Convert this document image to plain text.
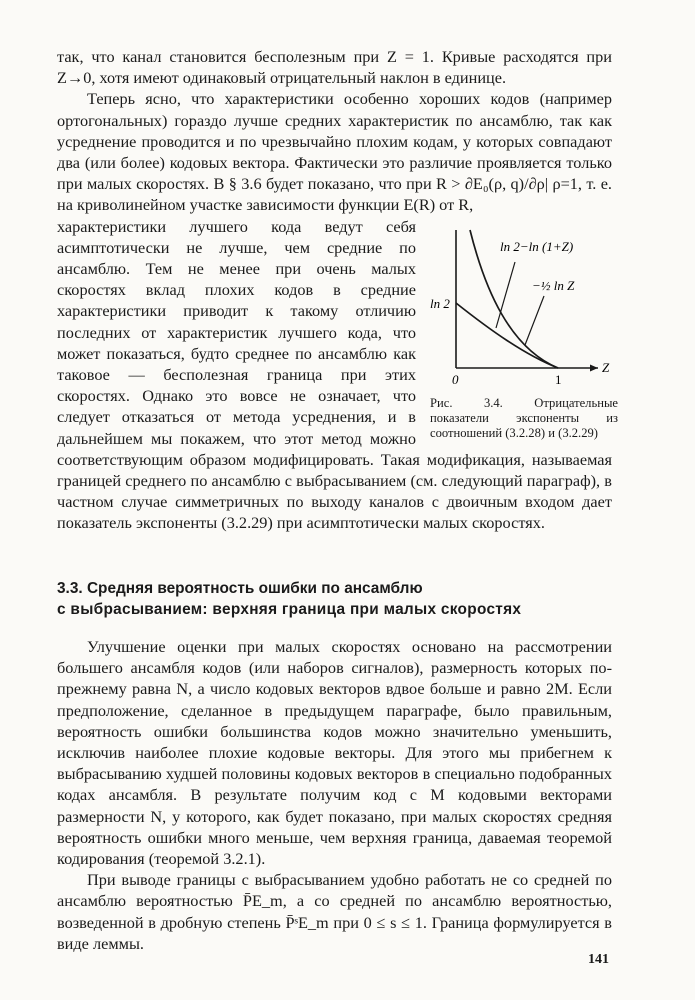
так, что канал становится бесполезным при Z = 1. Кривые расходятся при Z→0, хотя имеют одинаковый отрицательный наклон в единице.

Теперь ясно, что характеристики особенно хороших кодов (например ортогональных) гораздо лучше средних характеристик по ансамблю, так как усреднение проводится и по чрезвычайно плохим кодам, у которых совпадают два (или более) кодовых вектора. Фактически это различие проявляется только при малых скоростях. В § 3.6 будет показано, что при R > ∂E₀(ρ, q)/∂ρ| ρ=1, т. е. на криволинейном участке зависимости функции E(R) от R,

ln 2−ln (1+Z)
−½ ln Z
ln 2
0	1
Z
Рис. 3.4. Отрицательные показатели экспоненты из соотношений (3.2.28) и (3.2.29)

характеристики лучшего кода ведут себя асимптотически не лучше, чем средние по ансамблю. Тем не менее при очень малых скоростях вклад плохих кодов в средние характеристики приводит к такому отличию последних от характеристик лучшего кода, что может показаться, будто среднее по ансамблю как таковое — бесполезная граница при этих скоростях. Однако это вовсе не означает, что следует отказаться от метода усреднения, и в дальнейшем мы покажем, что этот метод можно соответствующим образом модифицировать. Такая модификация, называемая границей среднего по ансамблю с выбрасыванием (см. следующий параграф), в частном случае симметричных по выходу каналов с двоичным входом дает показатель экспоненты (3.2.29) при асимптотически малых скоростях.

3.3. Средняя вероятность ошибки по ансамблю
с выбрасыванием: верхняя граница при малых скоростях

Улучшение оценки при малых скоростях основано на рассмотрении большего ансамбля кодов (или наборов сигналов), размерность которых по-прежнему равна N, а число кодовых векторов вдвое больше и равно 2M. Если предположение, сделанное в предыдущем параграфе, было правильным, вероятность ошибки большинства кодов можно значительно уменьшить, исключив наиболее плохие кодовые векторы. Для этого мы прибегнем к выбрасыванию худшей половины кодовых векторов в специально подобранных кодах ансамбля. В результате получим код с M кодовыми векторами размерности N, у которого, как будет показано, при малых скоростях средняя вероятность ошибки много меньше, чем верхняя граница, даваемая теоремой кодирования (теоремой 3.2.1).

При выводе границы с выбрасыванием удобно работать не со средней по ансамблю вероятностью P̄E_m, а со средней по ансамблю вероятностью, возведенной в дробную степень P̄ˢE_m при 0 ≤ s ≤ 1. Граница формулируется в виде леммы.

141
